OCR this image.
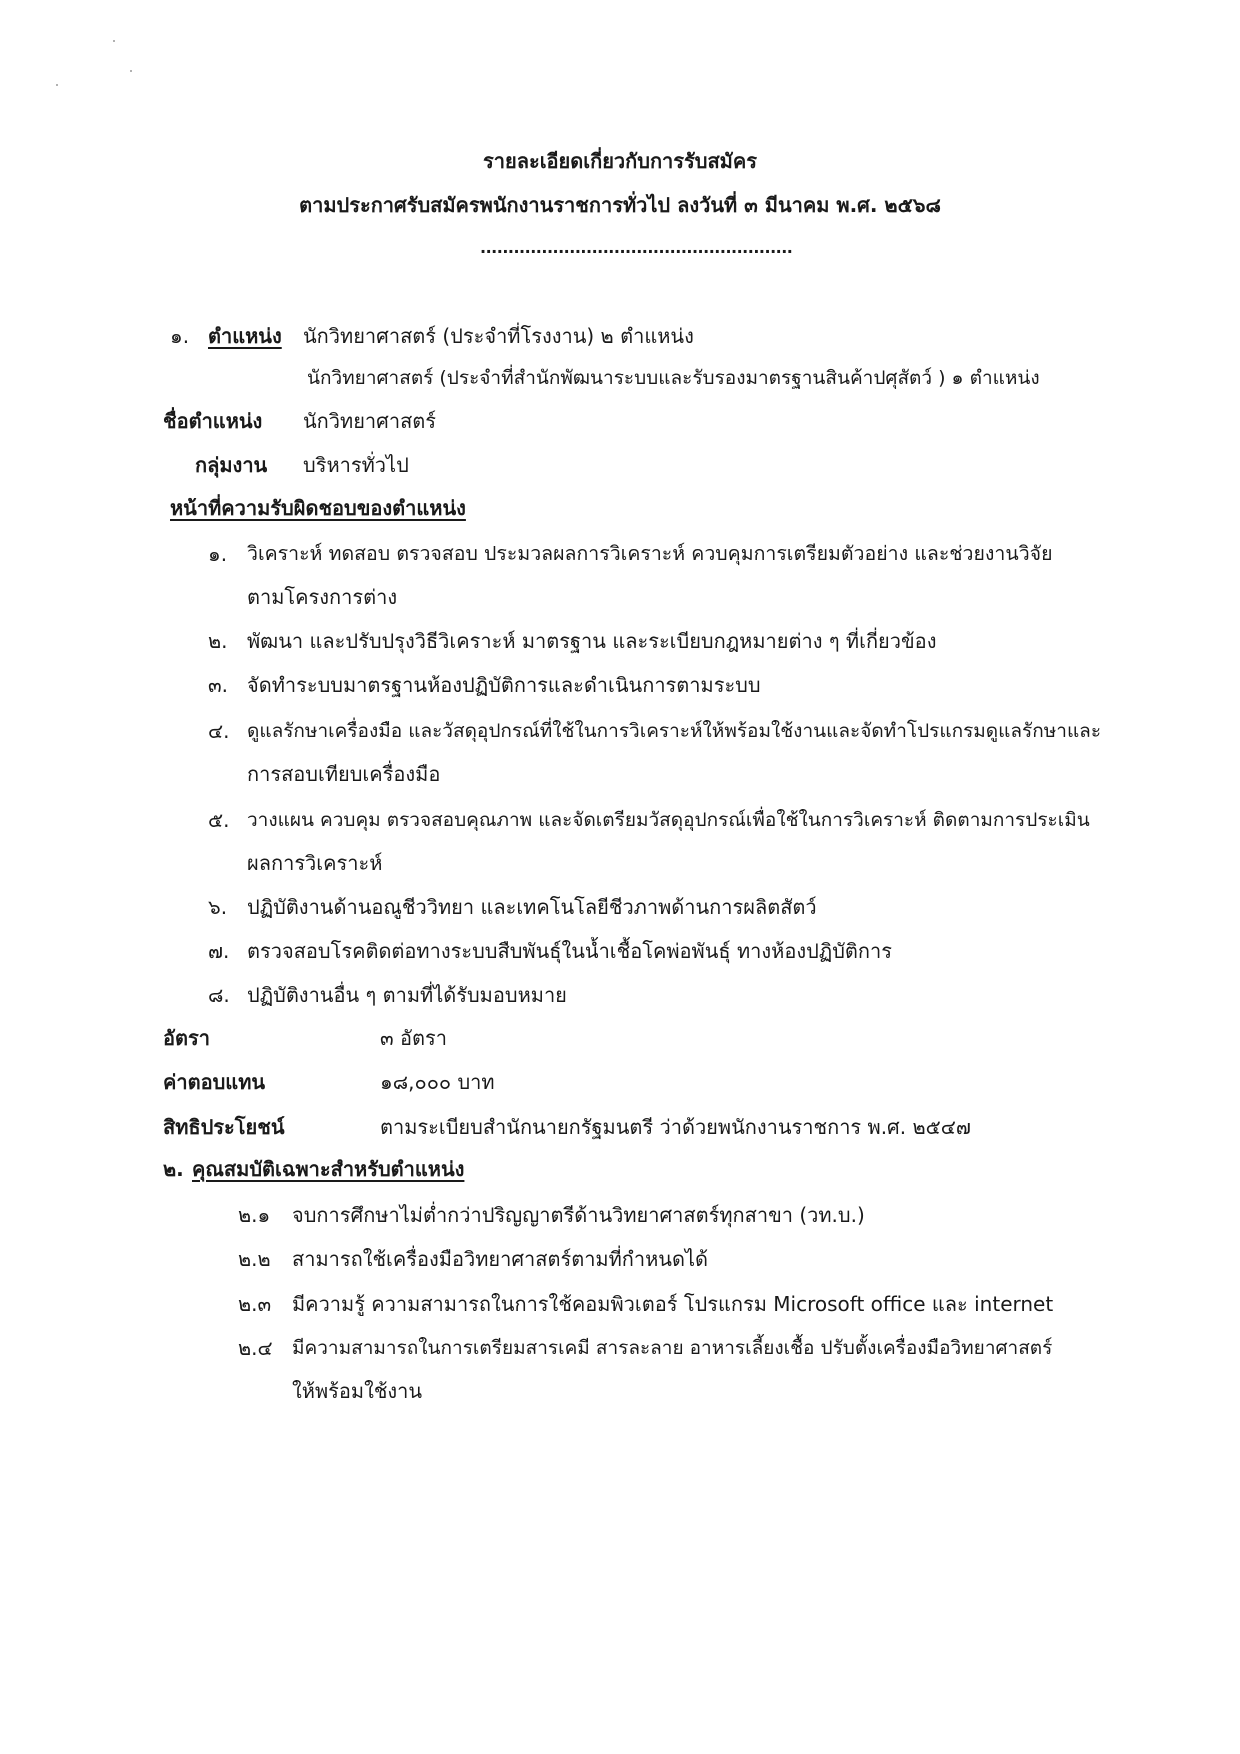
รายละเอียดเกี่ยวกับการรับสมัคร
ตามประกาศรับสมัครพนักงานราชการทั่วไป ลงวันที่ ๓ มีนาคม พ.ศ. ๒๕๖๘
........................................................
๑. ตำแหน่ง นักวิทยาศาสตร์ (ประจำที่โรงงาน) ๒ ตำแหน่ง
นักวิทยาศาสตร์ (ประจำที่สำนักพัฒนาระบบและรับรองมาตรฐานสินค้าปศุสัตว์ ) ๑ ตำแหน่ง
ชื่อตำแหน่ง นักวิทยาศาสตร์
กลุ่มงาน บริหารทั่วไป
หน้าที่ความรับผิดชอบของตำแหน่ง
๑. วิเคราะห์ ทดสอบ ตรวจสอบ ประมวลผลการวิเคราะห์ ควบคุมการเตรียมตัวอย่าง และช่วยงานวิจัย
ตามโครงการต่าง
๒. พัฒนา และปรับปรุงวิธีวิเคราะห์ มาตรฐาน และระเบียบกฎหมายต่าง ๆ ที่เกี่ยวข้อง
๓. จัดทำระบบมาตรฐานห้องปฏิบัติการและดำเนินการตามระบบ
๔. ดูแลรักษาเครื่องมือ และวัสดุอุปกรณ์ที่ใช้ในการวิเคราะห์ให้พร้อมใช้งานและจัดทำโปรแกรมดูแลรักษาและ
การสอบเทียบเครื่องมือ
๕. วางแผน ควบคุม ตรวจสอบคุณภาพ และจัดเตรียมวัสดุอุปกรณ์เพื่อใช้ในการวิเคราะห์ ติดตามการประเมิน
ผลการวิเคราะห์
๖. ปฏิบัติงานด้านอณูชีววิทยา และเทคโนโลยีชีวภาพด้านการผลิตสัตว์
๗. ตรวจสอบโรคติดต่อทางระบบสืบพันธุ์ในน้ำเชื้อโคพ่อพันธุ์ ทางห้องปฏิบัติการ
๘. ปฏิบัติงานอื่น ๆ ตามที่ได้รับมอบหมาย
อัตรา	๓ อัตรา
ค่าตอบแทน	๑๘,๐๐๐ บาท
สิทธิประโยชน์	ตามระเบียบสำนักนายกรัฐมนตรี ว่าด้วยพนักงานราชการ พ.ศ. ๒๕๔๗
๒. คุณสมบัติเฉพาะสำหรับตำแหน่ง
๒.๑ จบการศึกษาไม่ต่ำกว่าปริญญาตรีด้านวิทยาศาสตร์ทุกสาขา (วท.บ.)
๒.๒ สามารถใช้เครื่องมือวิทยาศาสตร์ตามที่กำหนดได้
๒.๓ มีความรู้ ความสามารถในการใช้คอมพิวเตอร์ โปรแกรม Microsoft office และ internet
๒.๔ มีความสามารถในการเตรียมสารเคมี สารละลาย อาหารเลี้ยงเชื้อ ปรับตั้งเครื่องมือวิทยาศาสตร์
ให้พร้อมใช้งาน
